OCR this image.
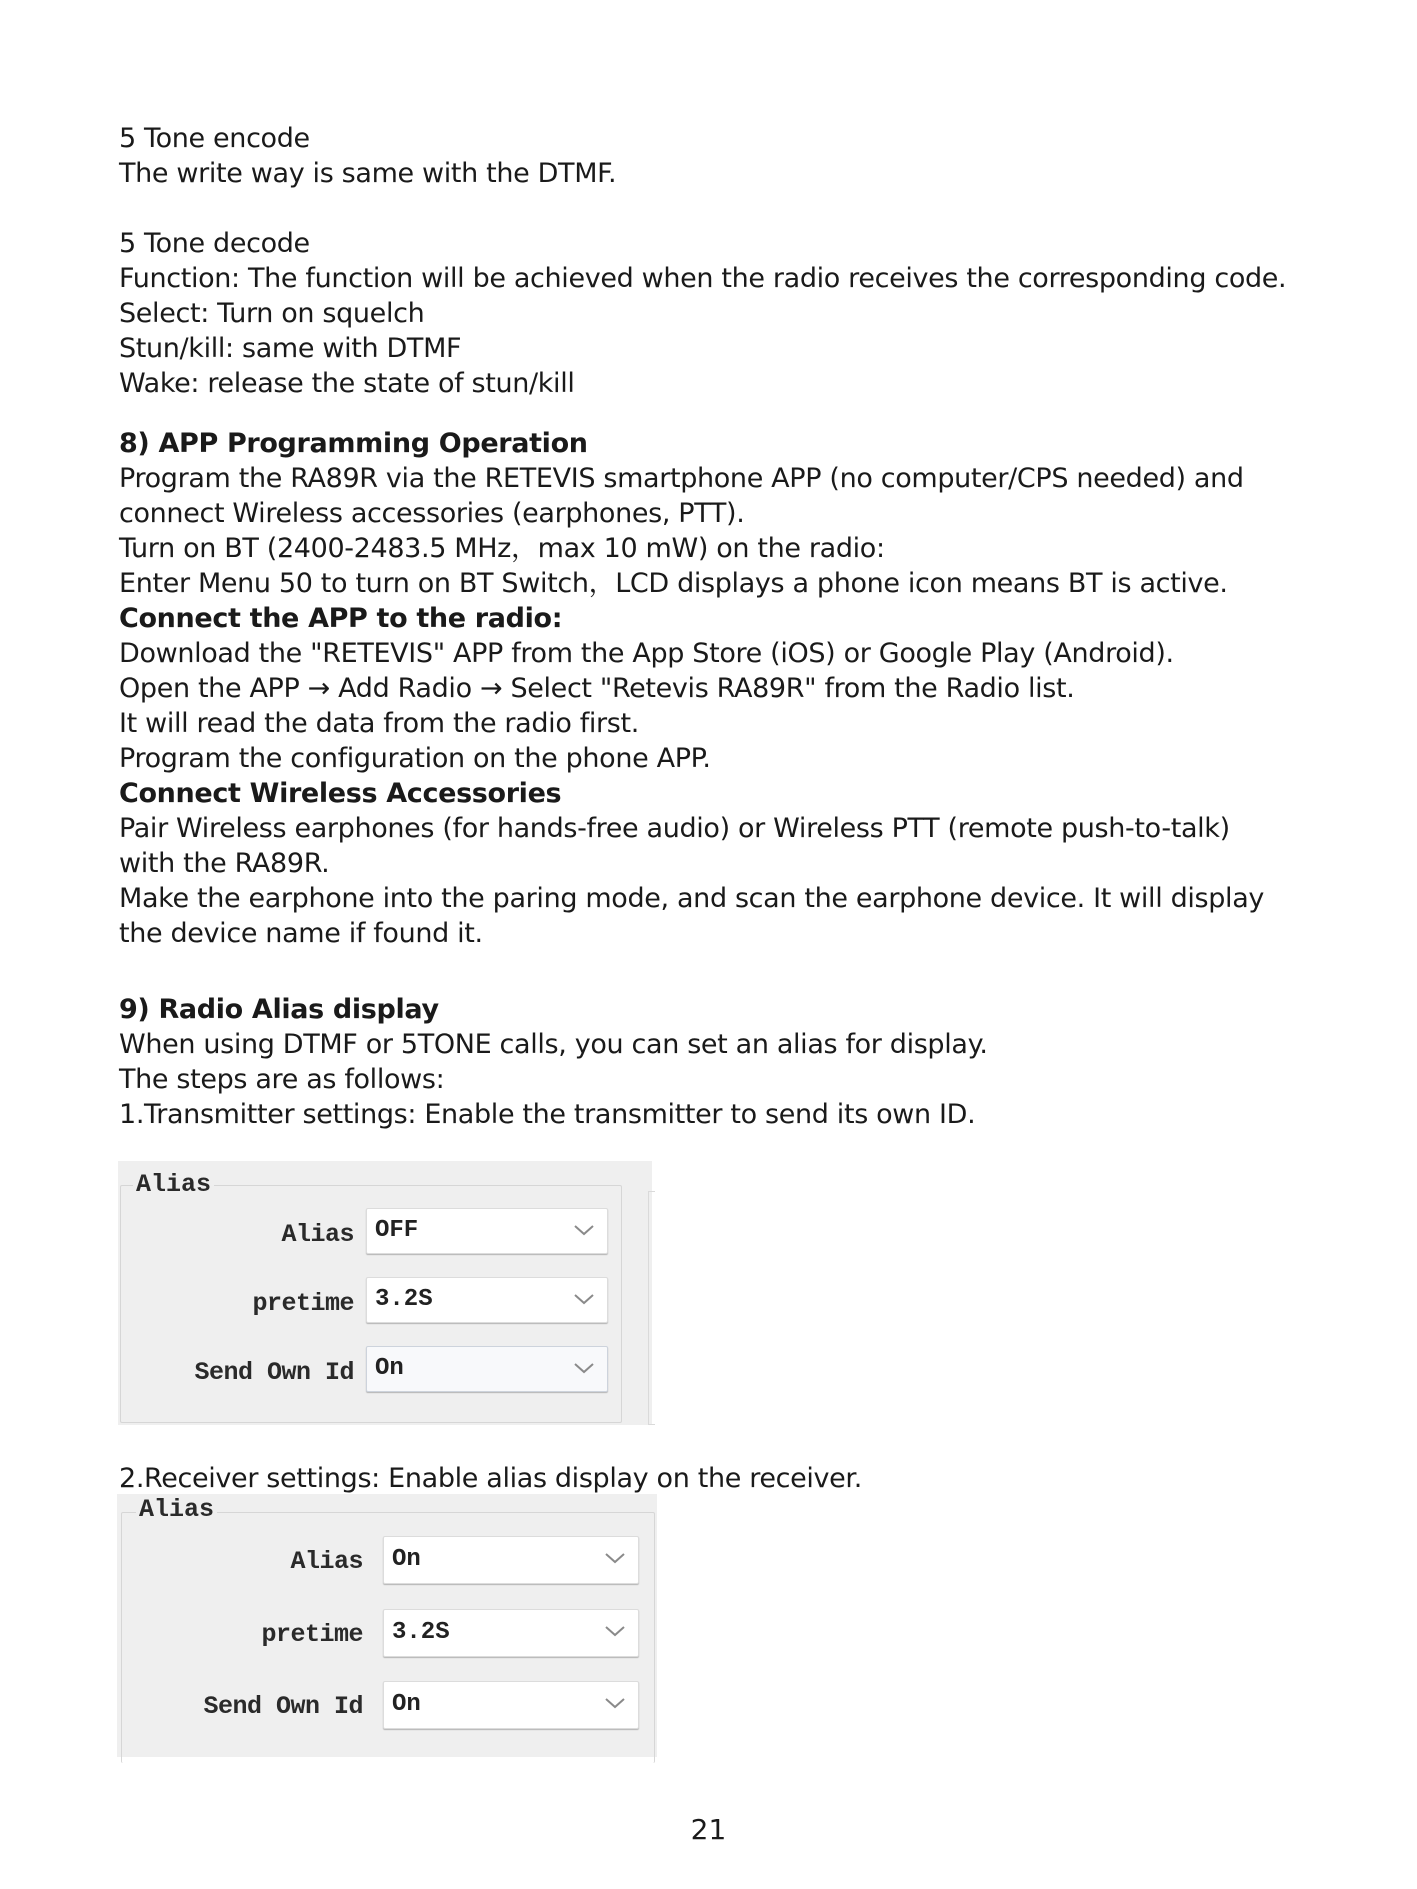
5 Tone encode
The write way is same with the DTMF.
5 Tone decode
Function: The function will be achieved when the radio receives the corresponding code.
Select: Turn on squelch
Stun/kill: same with DTMF
Wake: release the state of stun/kill
8) APP Programming Operation
Program the RA89R via the RETEVIS smartphone APP (no computer/CPS needed) and
connect Wireless accessories (earphones, PTT).
Turn on BT (2400-2483.5 MHz，max 10 mW) on the radio:
Enter Menu 50 to turn on BT Switch，LCD displays a phone icon means BT is active.
Connect the APP to the radio:
Download the "RETEVIS" APP from the App Store (iOS) or Google Play (Android).
Open the APP → Add Radio → Select "Retevis RA89R" from the Radio list.
It will read the data from the radio first.
Program the configuration on the phone APP.
Connect Wireless Accessories
Pair Wireless earphones (for hands-free audio) or Wireless PTT (remote push-to-talk)
with the RA89R.
Make the earphone into the paring mode, and scan the earphone device. It will display
the device name if found it.
9) Radio Alias display
When using DTMF or 5TONE calls, you can set an alias for display.
The steps are as follows:
1.Transmitter settings: Enable the transmitter to send its own ID.
Alias
Alias OFF
pretime 3.2S
Send Own Id On
2.Receiver settings: Enable alias display on the receiver.
Alias
Alias On
pretime 3.2S
Send Own Id On
21
